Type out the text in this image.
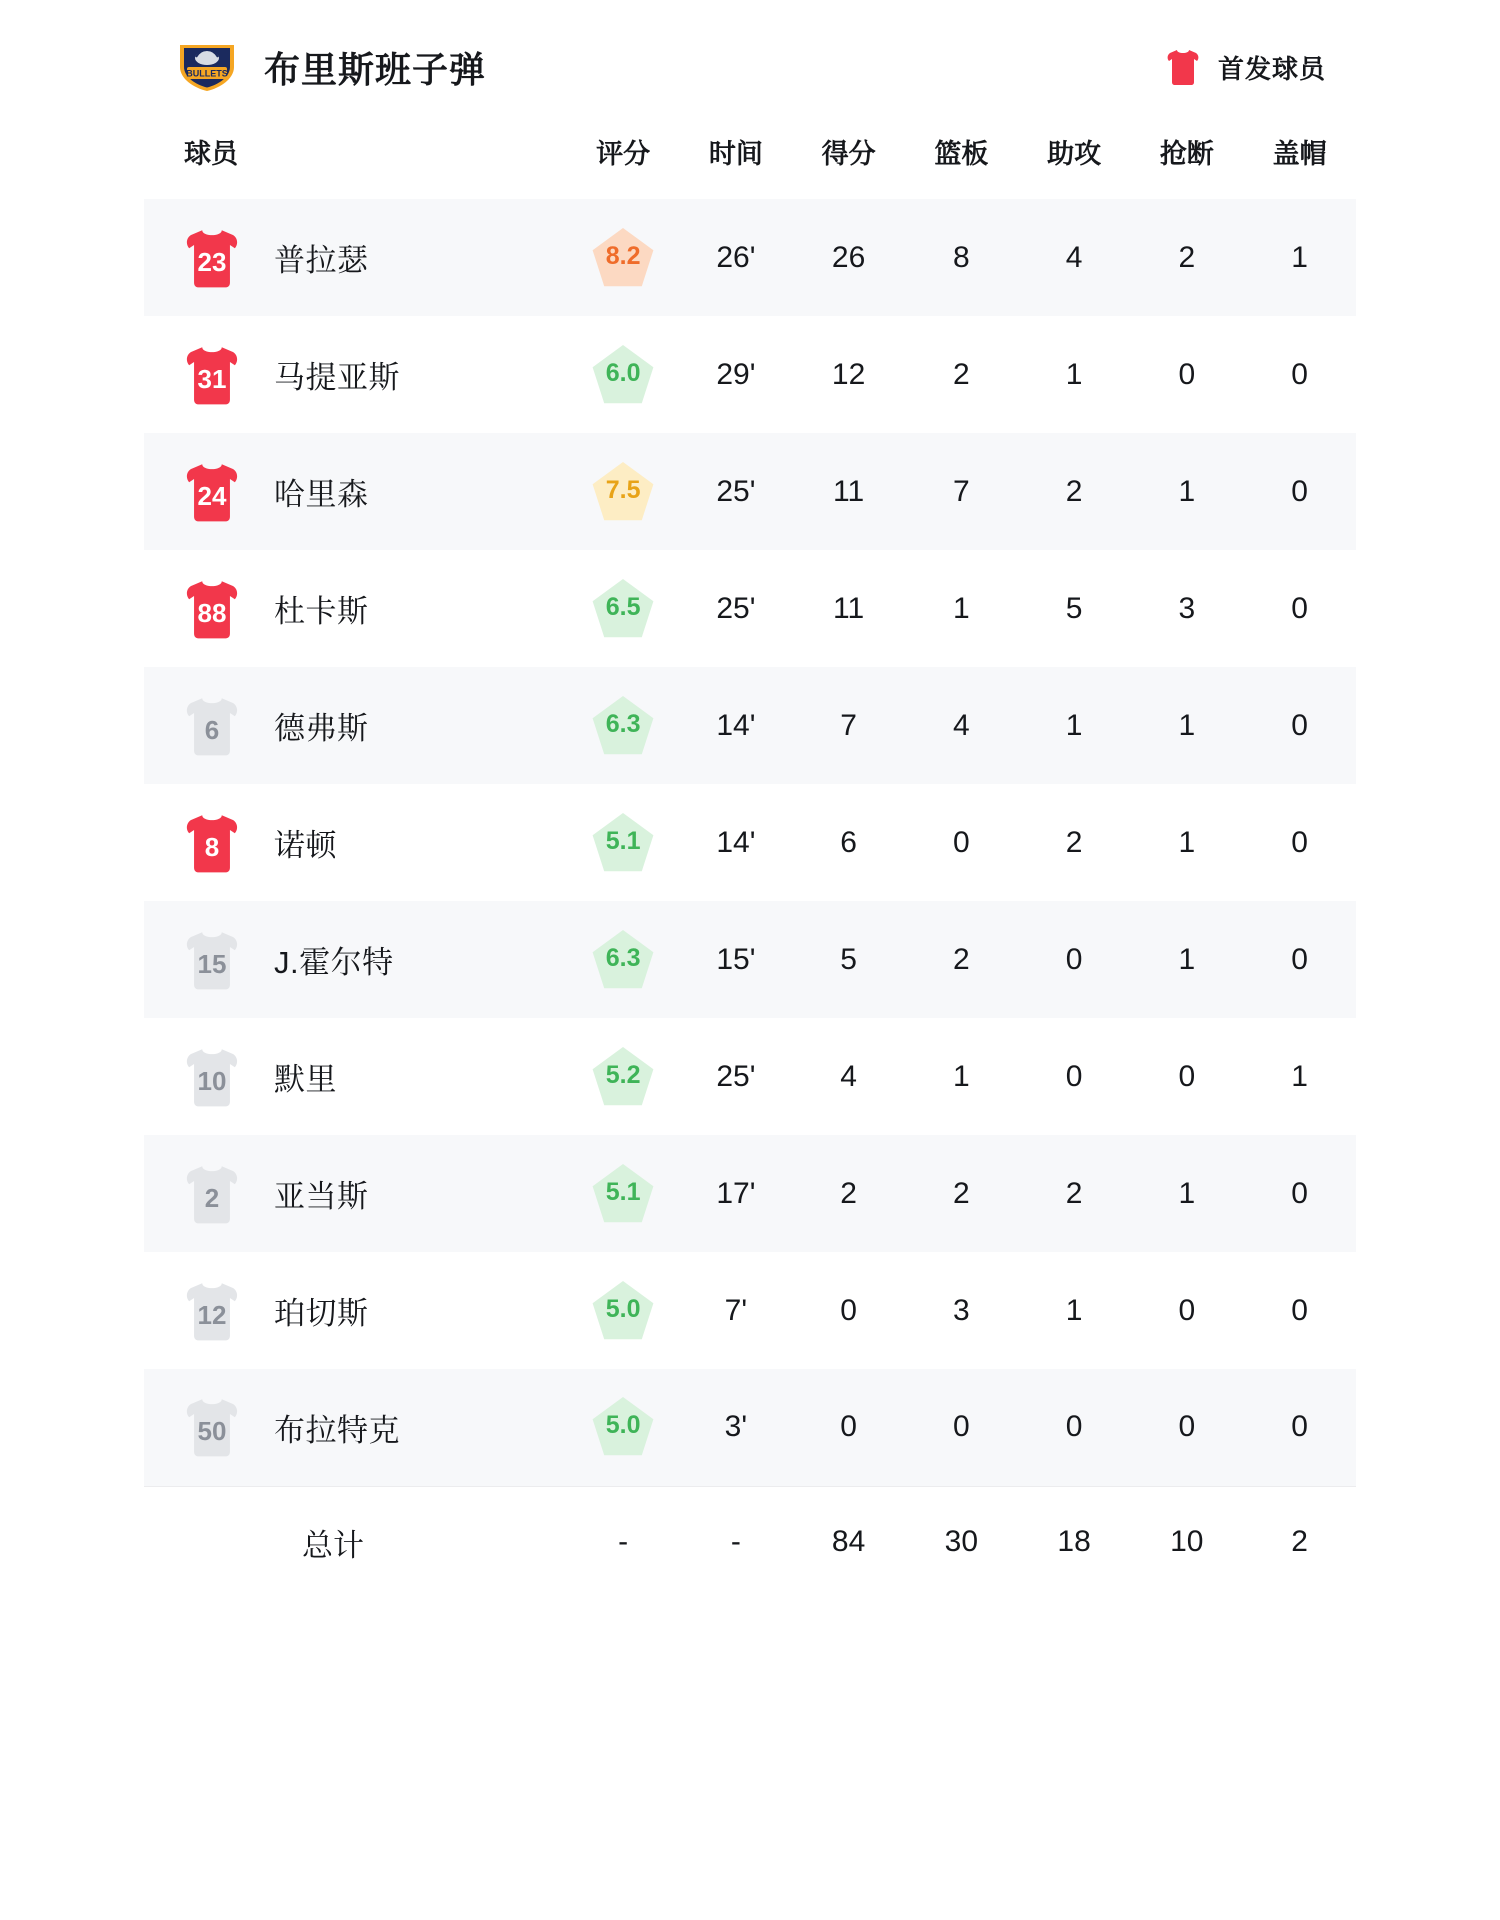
BULLETS 布里斯班子弹	首发球员
球员	评分	时间	得分	篮板	助攻	抢断	盖帽

23 普拉瑟	8.2	26'	26	8	4	2	1

31 马提亚斯	6.0	29'	12	2	1	0	0

24 哈里森	7.5	25'	11	7	2	1	0

88 杜卡斯	6.5	25'	11	1	5	3	0

6 德弗斯	6.3	14'	7	4	1	1	0

8 诺顿	5.1	14'	6	0	2	1	0

15 J.霍尔特	6.3	15'	5	2	0	1	0

10 默里	5.2	25'	4	1	0	0	1

2 亚当斯	5.1	17'	2	2	2	1	0

12 珀切斯	5.0	7'	0	3	1	0	0

50 布拉特克	5.0	3'	0	0	0	0	0
总计	-	-	84	30	18	10	2
